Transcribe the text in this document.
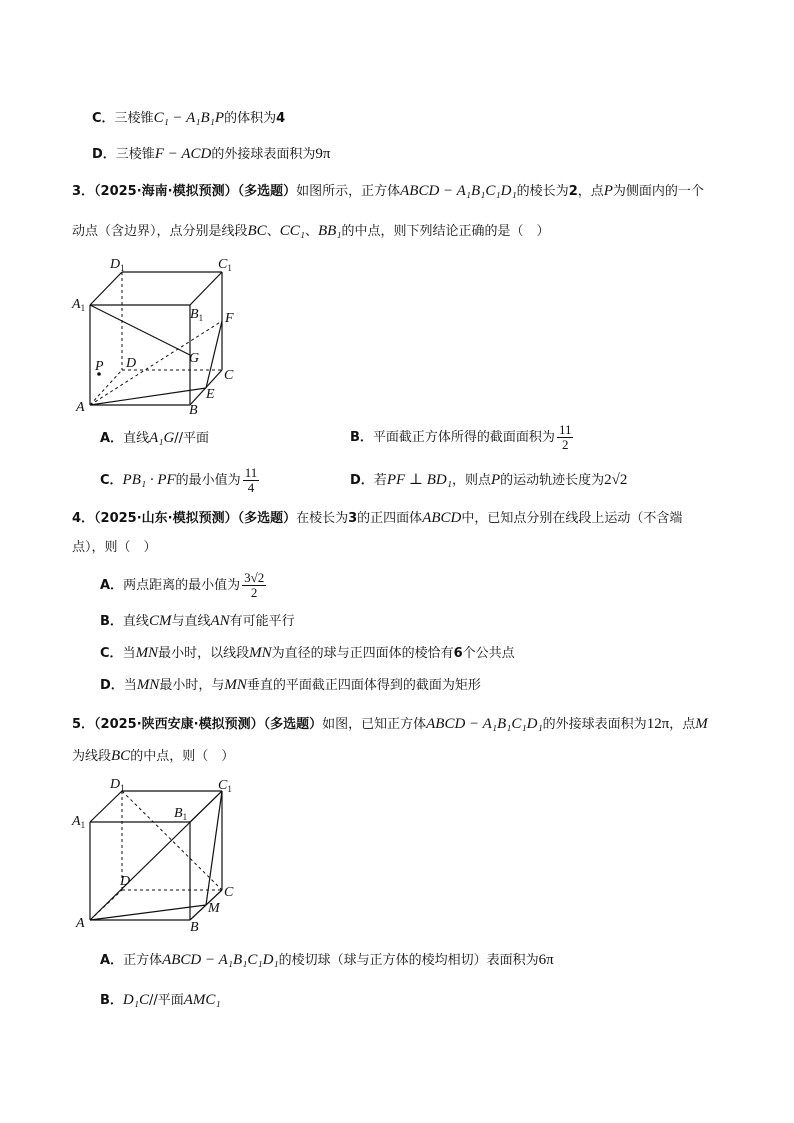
C．三棱锥C₁ − A₁B₁P的体积为4
D．三棱锥F − ACD的外接球表面积为9π
3．（2025·海南·模拟预测）（多选题）如图所示，正方体ABCD − A₁B₁C₁D₁的棱长为2，点P为侧面内的一个
动点（含边界），点分别是线段BC、CC₁、BB₁的中点，则下列结论正确的是（　）
$D_1$	$C_1$
$A_1$	$B_1$ F
G
P D
C
E
A	B
A．直线A₁G//平面	B．平面截正方体所得的截面面积为 $\frac{11}{2}$
C．PB₁ · PF的最小值为 $\frac{11}{4}$	D．若PF ⊥ BD₁，则点P的运动轨迹长度为2√2
4．（2025·山东·模拟预测）（多选题）在棱长为3的正四面体ABCD中，已知点分别在线段上运动（不含端
点），则（　）
A．两点距离的最小值为 $\frac{3√2}{2}$
B．直线CM与直线AN有可能平行
C．当MN最小时，以线段MN为直径的球与正四面体的棱恰有6个公共点
D．当MN最小时，与MN垂直的平面截正四面体得到的截面为矩形
5．（2025·陕西安康·模拟预测）（多选题）如图，已知正方体ABCD − A₁B₁C₁D₁的外接球表面积为12π，点M
为线段BC的中点，则（　）
$D_1$	$C_1$
$A_1$
$B_1$
D
C
M
A	B
A．正方体ABCD − A₁B₁C₁D₁的棱切球（球与正方体的棱均相切）表面积为6π
B．D₁C//平面AMC₁
